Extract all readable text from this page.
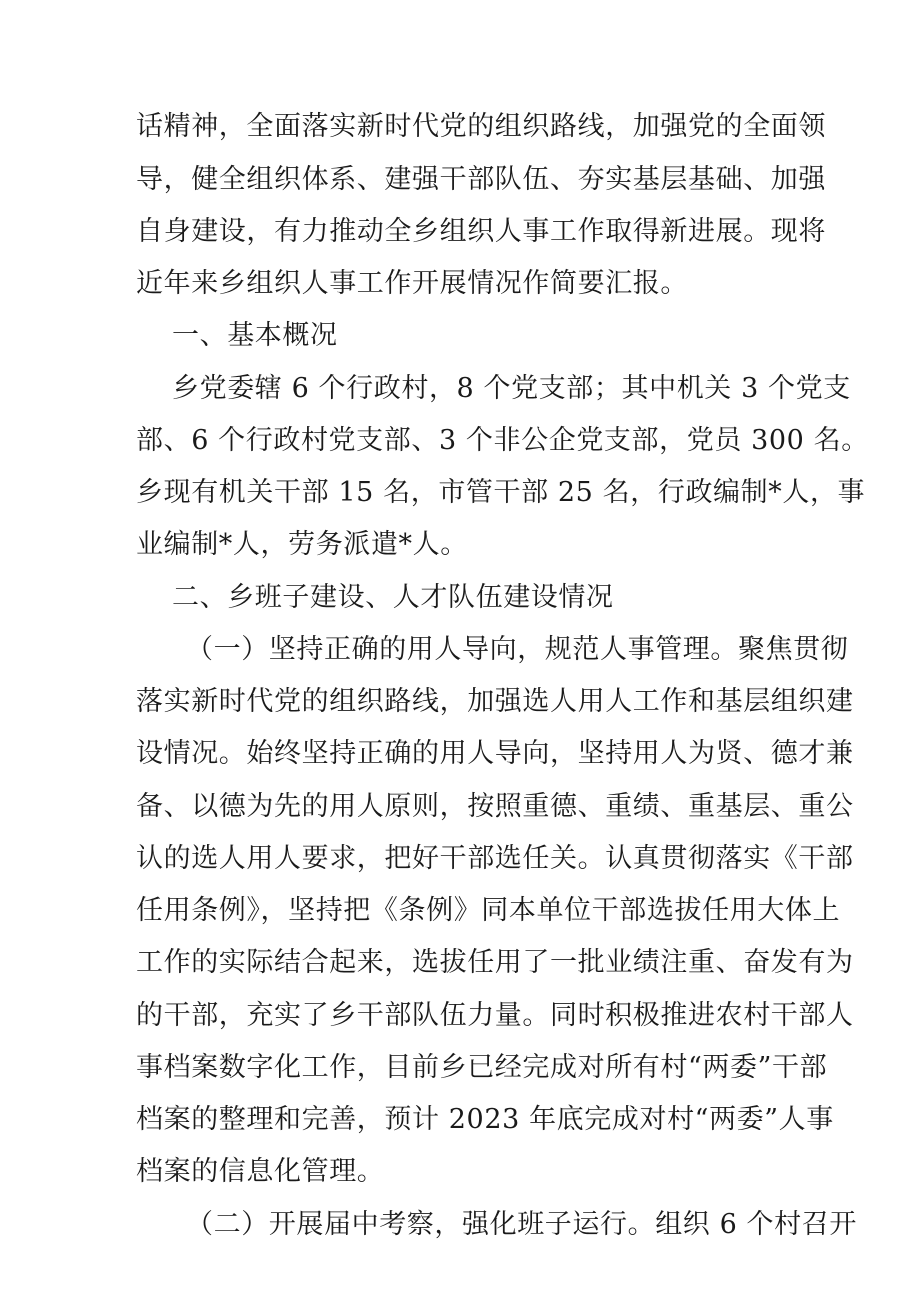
话精神，全面落实新时代党的组织路线，加强党的全面领

导，健全组织体系、建强干部队伍、夯实基层基础、加强

自身建设，有力推动全乡组织人事工作取得新进展。现将

近年来乡组织人事工作开展情况作简要汇报。

一、基本概况

乡党委辖 6 个行政村，8 个党支部；其中机关 3 个党支

部、6 个行政村党支部、3 个非公企党支部，党员 300 名。

乡现有机关干部 15 名，市管干部 25 名，行政编制*人，事

业编制*人，劳务派遣*人。

二、乡班子建设、人才队伍建设情况

（一）坚持正确的用人导向，规范人事管理。聚焦贯彻

落实新时代党的组织路线，加强选人用人工作和基层组织建

设情况。始终坚持正确的用人导向，坚持用人为贤、德才兼

备、以德为先的用人原则，按照重德、重绩、重基层、重公

认的选人用人要求，把好干部选任关。认真贯彻落实《干部

任用条例》，坚持把《条例》同本单位干部选拔任用大体上

工作的实际结合起来，选拔任用了一批业绩注重、奋发有为

的干部，充实了乡干部队伍力量。同时积极推进农村干部人

事档案数字化工作，目前乡已经完成对所有村“两委”干部

档案的整理和完善，预计 2023 年底完成对村“两委”人事

档案的信息化管理。

（二）开展届中考察，强化班子运行。组织 6 个村召开
